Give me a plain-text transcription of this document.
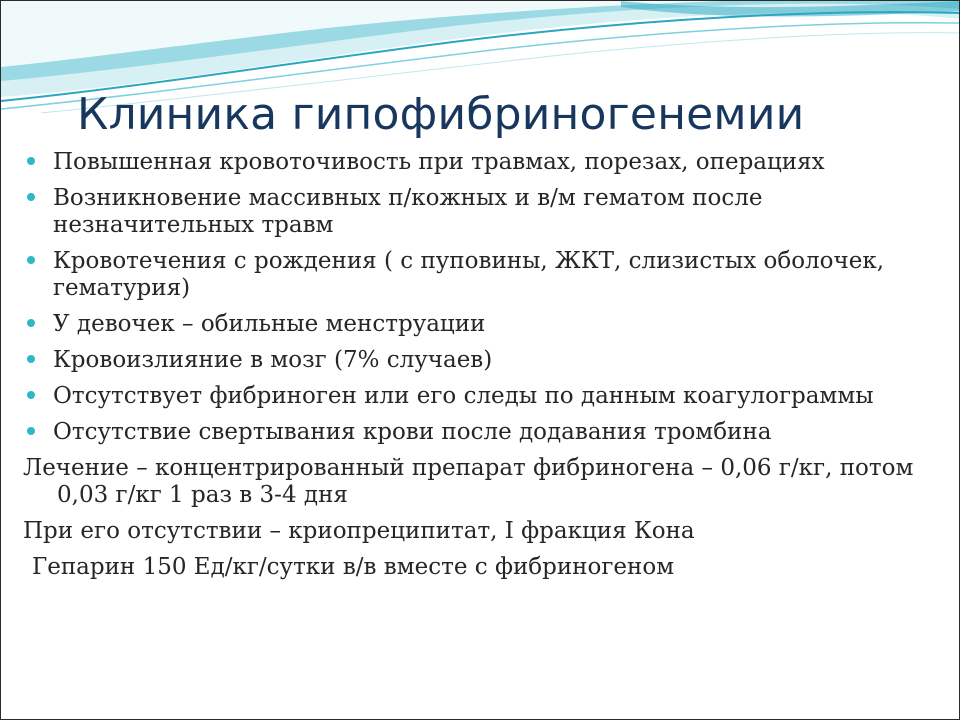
Клиника гипофибриногенемии
Повышенная кровоточивость при травмах, порезах, операциях
Возникновение массивных п/кожных и в/м гематом после незначительных травм
Кровотечения с рождения ( с пуповины, ЖКТ, слизистых оболочек, гематурия)
У девочек – обильные менструации
Кровоизлияние в мозг (7% случаев)
Отсутствует фибриноген или его следы по данным коагулограммы
Отсутствие свертывания крови после додавания тромбина

Лечение – концентрированный препарат фибриногена – 0,06 г/кг, потом 0,03 г/кг 1 раз в 3-4 дня

При его отсутствии – криопреципитат, I фракция Кона

Гепарин 150 Ед/кг/сутки в/в вместе с фибриногеном
